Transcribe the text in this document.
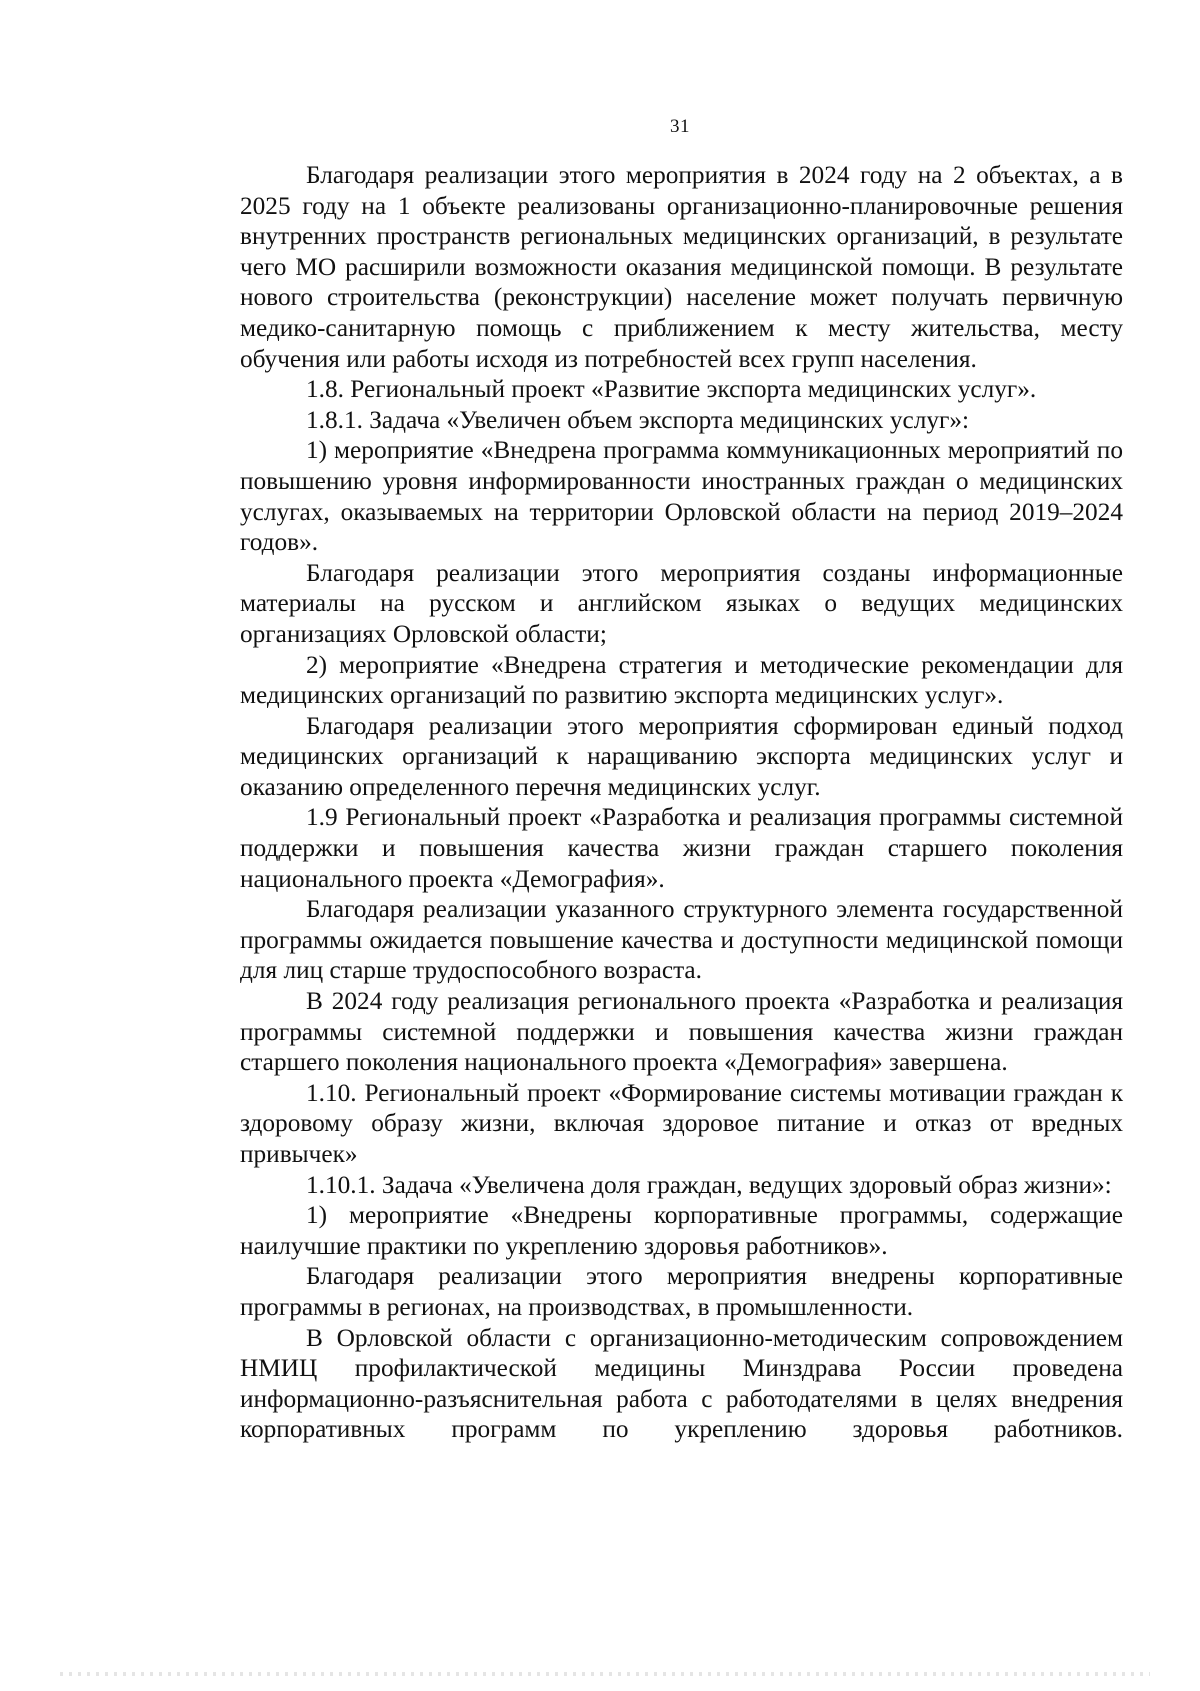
31

Благодаря реализации этого мероприятия в 2024 году на 2 объектах, а в 2025 году на 1 объекте реализованы организационно-планировочные решения внутренних пространств региональных медицинских организаций, в результате чего МО расширили возможности оказания медицинской помощи. В результате нового строительства (реконструкции) население может получать первичную медико-санитарную помощь с приближением к месту жительства, месту обучения или работы исходя из потребностей всех групп населения.

1.8. Региональный проект «Развитие экспорта медицинских услуг».

1.8.1. Задача «Увеличен объем экспорта медицинских услуг»:

1) мероприятие «Внедрена программа коммуникационных мероприятий по повышению уровня информированности иностранных граждан о медицинских услугах, оказываемых на территории Орловской области на период 2019–2024 годов».

Благодаря реализации этого мероприятия созданы информационные материалы на русском и английском языках о ведущих медицинских организациях Орловской области;

2) мероприятие «Внедрена стратегия и методические рекомендации для медицинских организаций по развитию экспорта медицинских услуг».

Благодаря реализации этого мероприятия сформирован единый подход медицинских организаций к наращиванию экспорта медицинских услуг и оказанию определенного перечня медицинских услуг.

1.9 Региональный проект «Разработка и реализация программы системной поддержки и повышения качества жизни граждан старшего поколения национального проекта «Демография».

Благодаря реализации указанного структурного элемента государственной программы ожидается повышение качества и доступности медицинской помощи для лиц старше трудоспособного возраста.

В 2024 году реализация регионального проекта «Разработка и реализация программы системной поддержки и повышения качества жизни граждан старшего поколения национального проекта «Демография» завершена.

1.10. Региональный проект «Формирование системы мотивации граждан к здоровому образу жизни, включая здоровое питание и отказ от вредных привычек»

1.10.1. Задача «Увеличена доля граждан, ведущих здоровый образ жизни»:

1) мероприятие «Внедрены корпоративные программы, содержащие наилучшие практики по укреплению здоровья работников».

Благодаря реализации этого мероприятия внедрены корпоративные программы в регионах, на производствах, в промышленности.

В Орловской области с организационно-методическим сопровождением НМИЦ профилактической медицины Минздрава России проведена информационно-разъяснительная работа с работодателями в целях внедрения корпоративных программ по укреплению здоровья работников.
